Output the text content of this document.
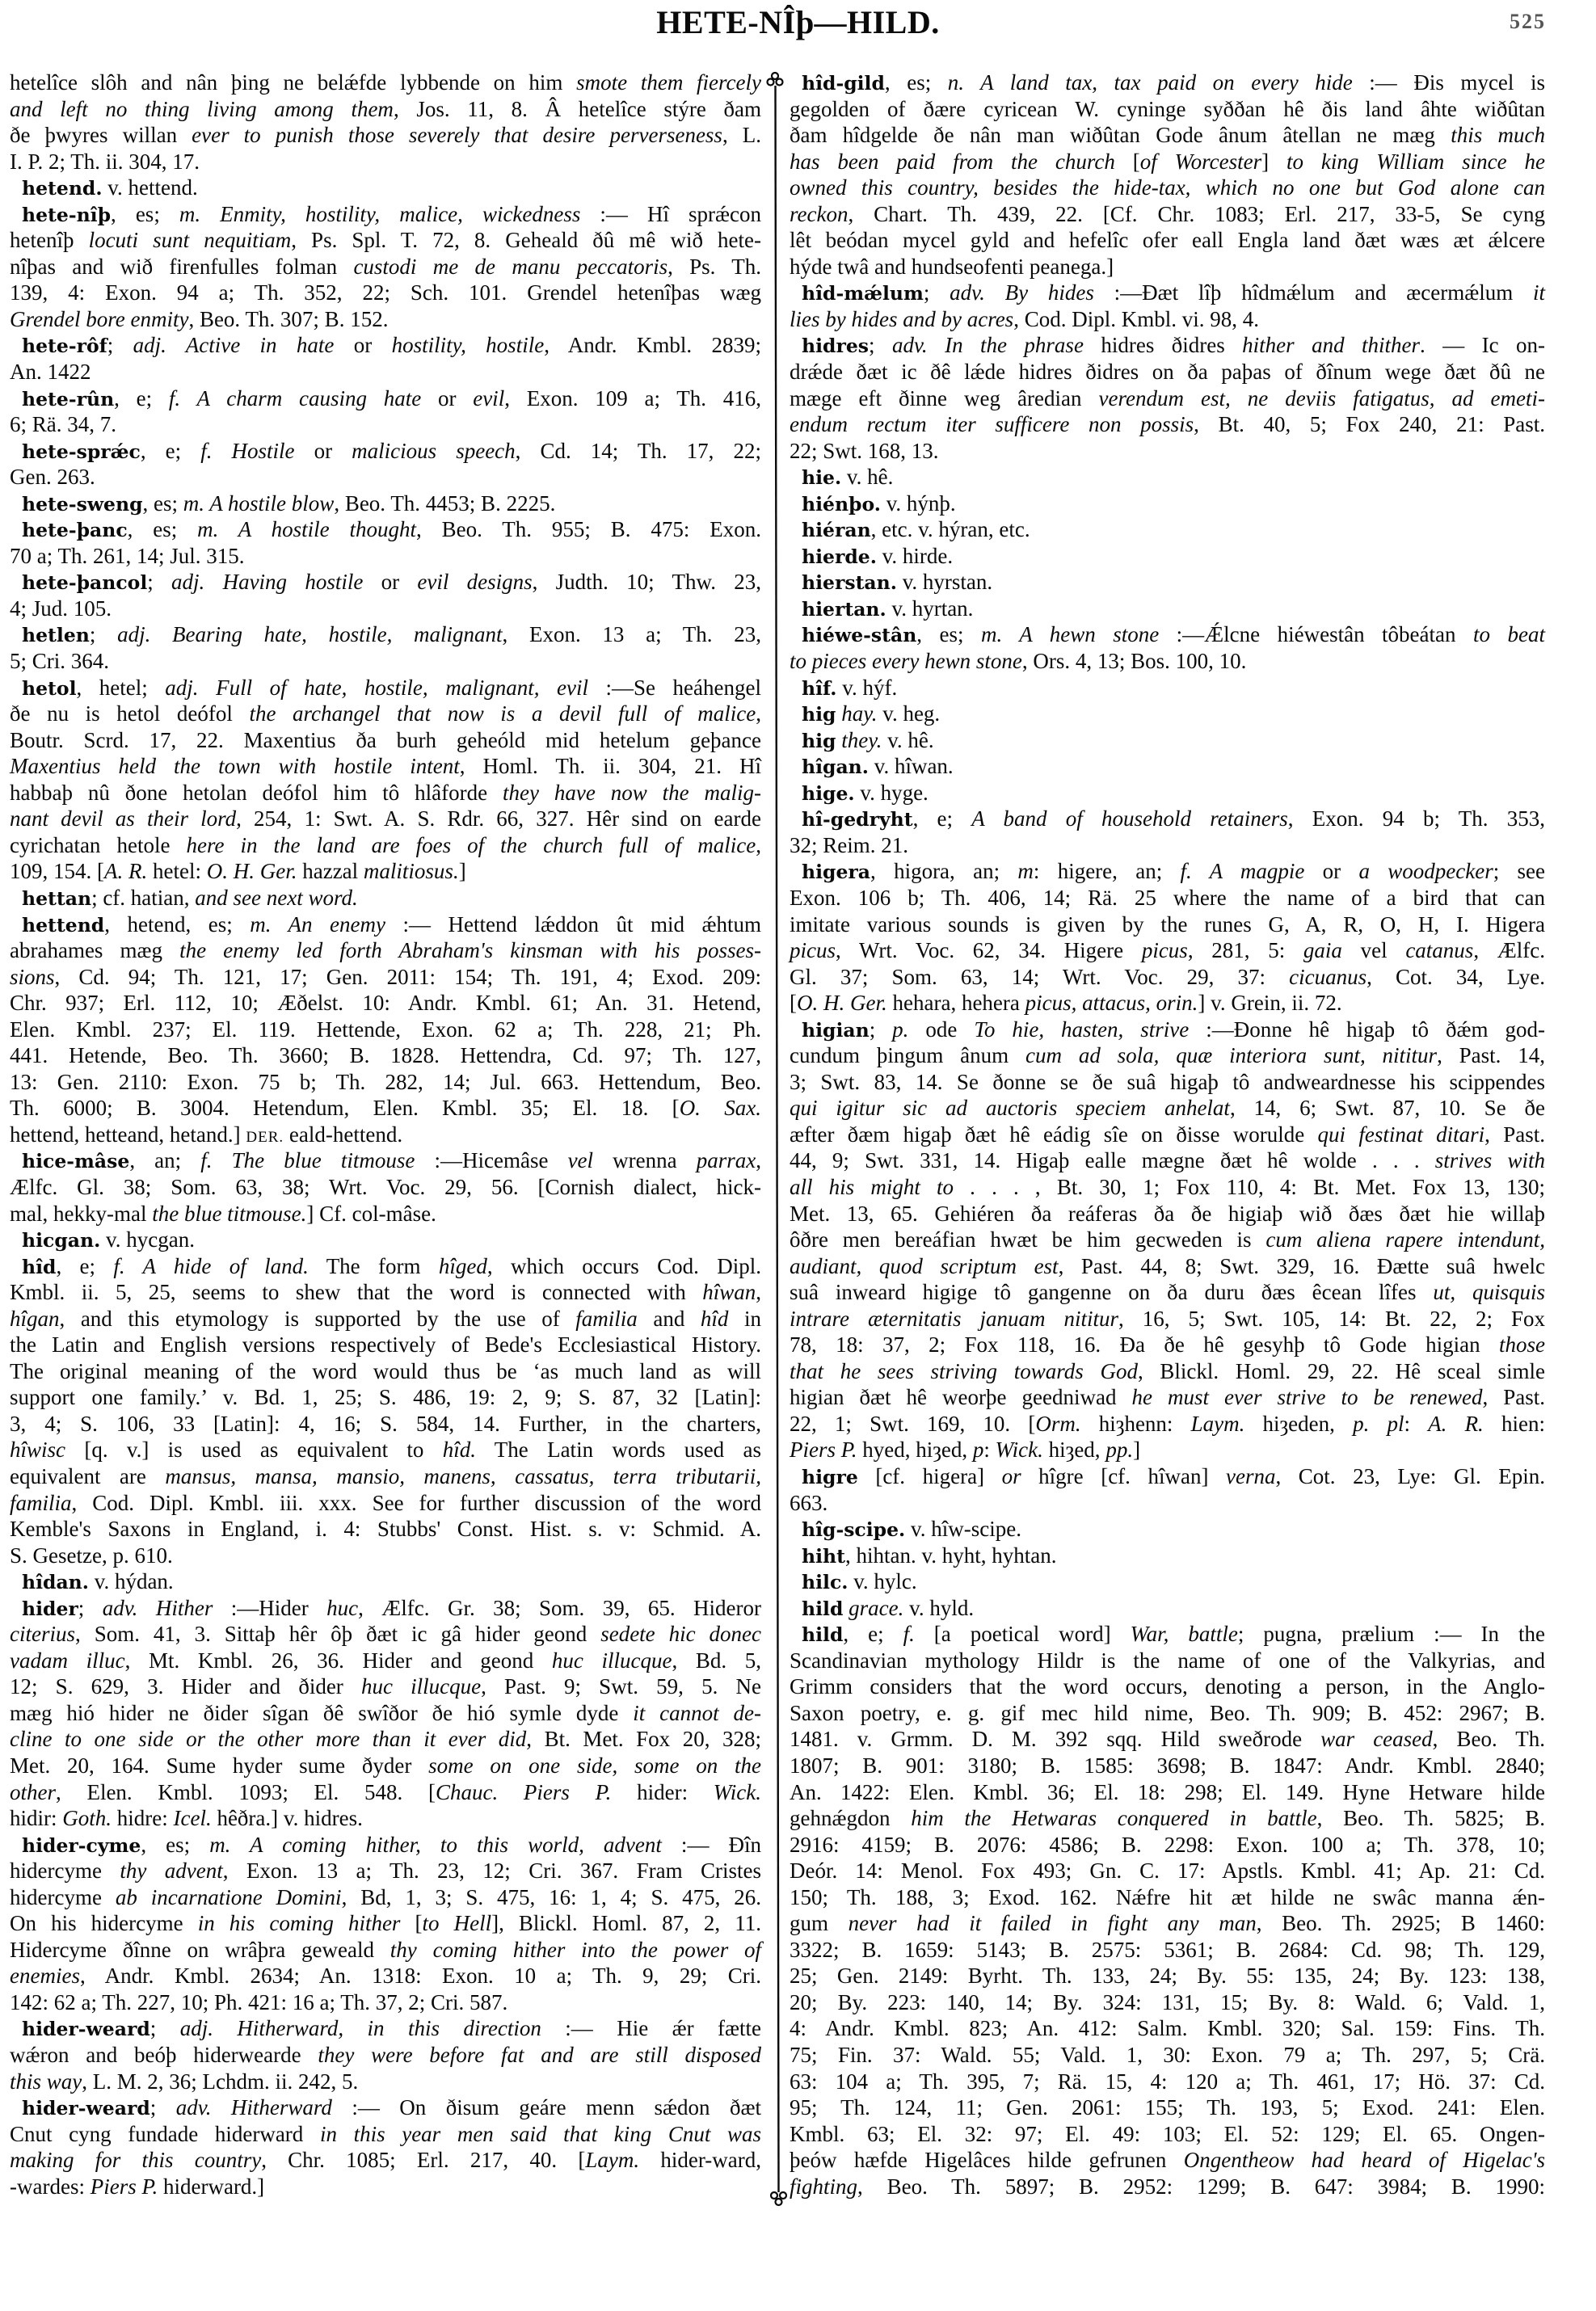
HETE-NÎþ—HILD.	525
hetelîce slôh and nân þing ne belǽfde lybbende on him smote them fiercely
and left no thing living among them, Jos. 11, 8. Â hetelîce stýre ðam
ðe þwyres willan ever to punish those severely that desire perverseness, L.
I. P. 2; Th. ii. 304, 17.
hetend. v. hettend.
hete-nîþ, es; m. Enmity, hostility, malice, wickedness :— Hî sprǽcon
hetenîþ locuti sunt nequitiam, Ps. Spl. T. 72, 8. Geheald ðû mê wið hete-
nîþas and wið firenfulles folman custodi me de manu peccatoris, Ps. Th.
139, 4: Exon. 94 a; Th. 352, 22; Sch. 101. Grendel hetenîþas wæg
Grendel bore enmity, Beo. Th. 307; B. 152.
hete-rôf; adj. Active in hate or hostility, hostile, Andr. Kmbl. 2839;
An. 1422
hete-rûn, e; f. A charm causing hate or evil, Exon. 109 a; Th. 416,
6; Rä. 34, 7.
hete-sprǽc, e; f. Hostile or malicious speech, Cd. 14; Th. 17, 22;
Gen. 263.
hete-sweng, es; m. A hostile blow, Beo. Th. 4453; B. 2225.
hete-þanc, es; m. A hostile thought, Beo. Th. 955; B. 475: Exon.
70 a; Th. 261, 14; Jul. 315.
hete-þancol; adj. Having hostile or evil designs, Judth. 10; Thw. 23,
4; Jud. 105.
hetlen; adj. Bearing hate, hostile, malignant, Exon. 13 a; Th. 23,
5; Cri. 364.
hetol, hetel; adj. Full of hate, hostile, malignant, evil :—Se heáhengel
ðe nu is hetol deófol the archangel that now is a devil full of malice,
Boutr. Scrd. 17, 22. Maxentius ða burh geheóld mid hetelum geþance
Maxentius held the town with hostile intent, Homl. Th. ii. 304, 21. Hî
habbaþ nû ðone hetolan deófol him tô hlâforde they have now the malig-
nant devil as their lord, 254, 1: Swt. A. S. Rdr. 66, 327. Hêr sind on earde
cyrichatan hetole here in the land are foes of the church full of malice,
109, 154. [A. R. hetel: O. H. Ger. hazzal malitiosus.]
hettan; cf. hatian, and see next word.
hettend, hetend, es; m. An enemy :— Hettend lǽddon ût mid ǽhtum
abrahames mæg the enemy led forth Abraham's kinsman with his posses-
sions, Cd. 94; Th. 121, 17; Gen. 2011: 154; Th. 191, 4; Exod. 209:
Chr. 937; Erl. 112, 10; Æðelst. 10: Andr. Kmbl. 61; An. 31. Hetend,
Elen. Kmbl. 237; El. 119. Hettende, Exon. 62 a; Th. 228, 21; Ph.
441. Hetende, Beo. Th. 3660; B. 1828. Hettendra, Cd. 97; Th. 127,
13: Gen. 2110: Exon. 75 b; Th. 282, 14; Jul. 663. Hettendum, Beo.
Th. 6000; B. 3004. Hetendum, Elen. Kmbl. 35; El. 18. [O. Sax.
hettend, hetteand, hetand.] DER. eald-hettend.
hice-mâse, an; f. The blue titmouse :—Hicemâse vel wrenna parrax,
Ælfc. Gl. 38; Som. 63, 38; Wrt. Voc. 29, 56. [Cornish dialect, hick-
mal, hekky-mal the blue titmouse.] Cf. col-mâse.
hicgan. v. hycgan.
hîd, e; f. A hide of land. The form hîged, which occurs Cod. Dipl.
Kmbl. ii. 5, 25, seems to shew that the word is connected with hîwan,
hîgan, and this etymology is supported by the use of familia and hîd in
the Latin and English versions respectively of Bede's Ecclesiastical History.
The original meaning of the word would thus be ‘as much land as will
support one family.’ v. Bd. 1, 25; S. 486, 19: 2, 9; S. 87, 32 [Latin]:
3, 4; S. 106, 33 [Latin]: 4, 16; S. 584, 14. Further, in the charters,
hîwisc [q. v.] is used as equivalent to hîd. The Latin words used as
equivalent are mansus, mansa, mansio, manens, cassatus, terra tributarii,
familia, Cod. Dipl. Kmbl. iii. xxx. See for further discussion of the word
Kemble's Saxons in England, i. 4: Stubbs' Const. Hist. s. v: Schmid. A.
S. Gesetze, p. 610.
hîdan. v. hýdan.
hider; adv. Hither :—Hider huc, Ælfc. Gr. 38; Som. 39, 65. Hideror
citerius, Som. 41, 3. Sittaþ hêr ôþ ðæt ic gâ hider geond sedete hic donec
vadam illuc, Mt. Kmbl. 26, 36. Hider and geond huc illucque, Bd. 5,
12; S. 629, 3. Hider and ðider huc illucque, Past. 9; Swt. 59, 5. Ne
mæg hió hider ne ðider sîgan ðê swîðor ðe hió symle dyde it cannot de-
cline to one side or the other more than it ever did, Bt. Met. Fox 20, 328;
Met. 20, 164. Sume hyder sume ðyder some on one side, some on the
other, Elen. Kmbl. 1093; El. 548. [Chauc. Piers P. hider: Wick.
hidir: Goth. hidre: Icel. hêðra.] v. hidres.
hider-cyme, es; m. A coming hither, to this world, advent :— Ðîn
hidercyme thy advent, Exon. 13 a; Th. 23, 12; Cri. 367. Fram Cristes
hidercyme ab incarnatione Domini, Bd, 1, 3; S. 475, 16: 1, 4; S. 475, 26.
On his hidercyme in his coming hither [to Hell], Blickl. Homl. 87, 2, 11.
Hidercyme ðînne on wrâþra geweald thy coming hither into the power of
enemies, Andr. Kmbl. 2634; An. 1318: Exon. 10 a; Th. 9, 29; Cri.
142: 62 a; Th. 227, 10; Ph. 421: 16 a; Th. 37, 2; Cri. 587.
hider-weard; adj. Hitherward, in this direction :— Hie ǽr fætte
wǽron and beóþ hiderwearde they were before fat and are still disposed
this way, L. M. 2, 36; Lchdm. ii. 242, 5.
hider-weard; adv. Hitherward :— On ðisum geáre menn sǽdon ðæt
Cnut cyng fundade hiderward in this year men said that king Cnut was
making for this country, Chr. 1085; Erl. 217, 40. [Laym. hider-ward,
-wardes: Piers P. hiderward.]
hîd-gild, es; n. A land tax, tax paid on every hide :— Ðis mycel is
gegolden of ðære cyricean W. cyninge syððan hê ðis land âhte wiðûtan
ðam hîdgelde ðe nân man wiðûtan Gode ânum âtellan ne mæg this much
has been paid from the church [of Worcester] to king William since he
owned this country, besides the hide-tax, which no one but God alone can
reckon, Chart. Th. 439, 22. [Cf. Chr. 1083; Erl. 217, 33-5, Se cyng
lêt beódan mycel gyld and hefelîc ofer eall Engla land ðæt wæs æt ǽlcere
hýde twâ and hundseofenti peanega.]
hîd-mǽlum; adv. By hides :—Ðæt lîþ hîdmǽlum and æcermǽlum it
lies by hides and by acres, Cod. Dipl. Kmbl. vi. 98, 4.
hidres; adv. In the phrase hidres ðidres hither and thither. — Ic on-
drǽde ðæt ic ðê lǽde hidres ðidres on ða paþas of ðînum wege ðæt ðû ne
mæge eft ðinne weg âredian verendum est, ne deviis fatigatus, ad emeti-
endum rectum iter sufficere non possis, Bt. 40, 5; Fox 240, 21: Past.
22; Swt. 168, 13.
hie. v. hê.
hiénþo. v. hýnþ.
hiéran, etc. v. hýran, etc.
hierde. v. hirde.
hierstan. v. hyrstan.
hiertan. v. hyrtan.
hiéwe-stân, es; m. A hewn stone :—Ǽlcne hiéwestân tôbeátan to beat
to pieces every hewn stone, Ors. 4, 13; Bos. 100, 10.
hîf. v. hýf.
hig hay. v. heg.
hig they. v. hê.
hîgan. v. hîwan.
hige. v. hyge.
hî-gedryht, e; A band of household retainers, Exon. 94 b; Th. 353,
32; Reim. 21.
higera, higora, an; m: higere, an; f. A magpie or a woodpecker; see
Exon. 106 b; Th. 406, 14; Rä. 25 where the name of a bird that can
imitate various sounds is given by the runes G, A, R, O, H, I. Higera
picus, Wrt. Voc. 62, 34. Higere picus, 281, 5: gaia vel catanus, Ælfc.
Gl. 37; Som. 63, 14; Wrt. Voc. 29, 37: cicuanus, Cot. 34, Lye.
[O. H. Ger. hehara, hehera picus, attacus, orin.] v. Grein, ii. 72.
higian; p. ode To hie, hasten, strive :—Ðonne hê higaþ tô ðǽm god-
cundum þingum ânum cum ad sola, quæ interiora sunt, nititur, Past. 14,
3; Swt. 83, 14. Se ðonne se ðe suâ higaþ tô andweardnesse his scippendes
qui igitur sic ad auctoris speciem anhelat, 14, 6; Swt. 87, 10. Se ðe
æfter ðæm higaþ ðæt hê eádig sîe on ðisse worulde qui festinat ditari, Past.
44, 9; Swt. 331, 14. Higaþ ealle mægne ðæt hê wolde . . . strives with
all his might to . . . , Bt. 30, 1; Fox 110, 4: Bt. Met. Fox 13, 130;
Met. 13, 65. Gehiéren ða reáferas ða ðe higiaþ wið ðæs ðæt hie willaþ
ôðre men bereáfian hwæt be him gecweden is cum aliena rapere intendunt,
audiant, quod scriptum est, Past. 44, 8; Swt. 329, 16. Ðætte suâ hwelc
suâ inweard higige tô gangenne on ða duru ðæs êcean lîfes ut, quisquis
intrare æternitatis januam nititur, 16, 5; Swt. 105, 14: Bt. 22, 2; Fox
78, 18: 37, 2; Fox 118, 16. Ða ðe hê gesyhþ tô Gode higian those
that he sees striving towards God, Blickl. Homl. 29, 22. Hê sceal simle
higian ðæt hê weorþe geedniwad he must ever strive to be renewed, Past.
22, 1; Swt. 169, 10. [Orm. hiȝhenn: Laym. hiȝeden, p. pl: A. R. hien:
Piers P. hyed, hiȝed, p: Wick. hiȝed, pp.]
higre [cf. higera] or hîgre [cf. hîwan] verna, Cot. 23, Lye: Gl. Epin.
663.
hîg-scipe. v. hîw-scipe.
hiht, hihtan. v. hyht, hyhtan.
hilc. v. hylc.
hild grace. v. hyld.
hild, e; f. [a poetical word] War, battle; pugna, prælium :— In the
Scandinavian mythology Hildr is the name of one of the Valkyrias, and
Grimm considers that the word occurs, denoting a person, in the Anglo-
Saxon poetry, e. g. gif mec hild nime, Beo. Th. 909; B. 452: 2967; B.
1481. v. Grmm. D. M. 392 sqq. Hild sweðrode war ceased, Beo. Th.
1807; B. 901: 3180; B. 1585: 3698; B. 1847: Andr. Kmbl. 2840;
An. 1422: Elen. Kmbl. 36; El. 18: 298; El. 149. Hyne Hetware hilde
gehnǽgdon him the Hetwaras conquered in battle, Beo. Th. 5825; B.
2916: 4159; B. 2076: 4586; B. 2298: Exon. 100 a; Th. 378, 10;
Deór. 14: Menol. Fox 493; Gn. C. 17: Apstls. Kmbl. 41; Ap. 21: Cd.
150; Th. 188, 3; Exod. 162. Nǽfre hit æt hilde ne swâc manna ǽn-
gum never had it failed in fight any man, Beo. Th. 2925; B 1460:
3322; B. 1659: 5143; B. 2575: 5361; B. 2684: Cd. 98; Th. 129,
25; Gen. 2149: Byrht. Th. 133, 24; By. 55: 135, 24; By. 123: 138,
20; By. 223: 140, 14; By. 324: 131, 15; By. 8: Wald. 6; Vald. 1,
4: Andr. Kmbl. 823; An. 412: Salm. Kmbl. 320; Sal. 159: Fins. Th.
75; Fin. 37: Wald. 55; Vald. 1, 30: Exon. 79 a; Th. 297, 5; Crä.
63: 104 a; Th. 395, 7; Rä. 15, 4: 120 a; Th. 461, 17; Hö. 37: Cd.
95; Th. 124, 11; Gen. 2061: 155; Th. 193, 5; Exod. 241: Elen.
Kmbl. 63; El. 32: 97; El. 49: 103; El. 52: 129; El. 65. Ongen-
þeów hæfde Higelâces hilde gefrunen Ongentheow had heard of Higelac's
fighting, Beo. Th. 5897; B. 2952: 1299; B. 647: 3984; B. 1990:
